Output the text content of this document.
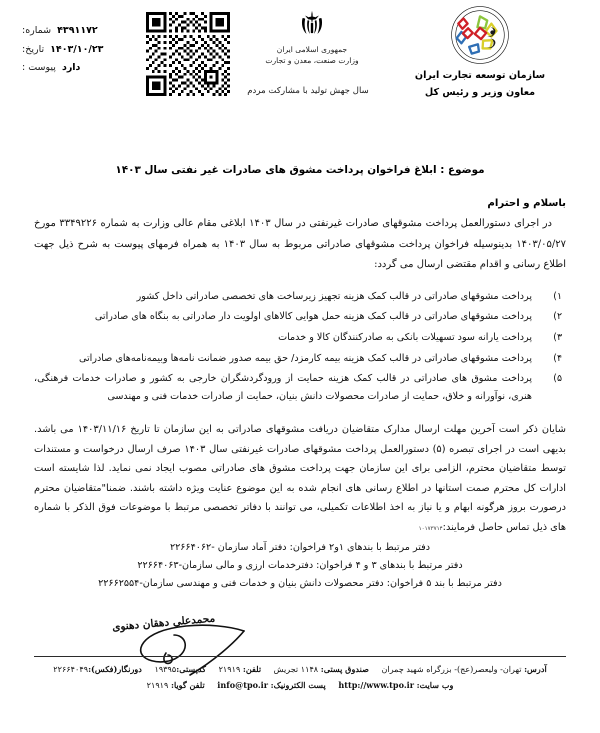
۴۳۹۱۱۷۲
شماره:
۱۴۰۳/۱۰/۲۳
تاریخ:
دارد
پیوست :
جمهوری اسلامی ایران
وزارت صنعت، معدن و تجارت
سازمان توسعه تجارت ایران
معاون وزیر و رئیس کل
سال جهش تولید با مشارکت مردم
موضوع : ابلاغ فراخوان پرداخت مشوق های صادرات غیر نفتی سال ۱۴۰۳
باسلام و احترام
در اجرای دستورالعمل پرداخت مشوقهای صادرات غیرنفتی در سال ۱۴۰۳ ابلاغی مقام عالی وزارت به شماره ۳۳۴۹۲۲۶ مورخ ۱۴۰۳/۰۵/۲۷ بدینوسیله فراخوان پرداخت مشوقهای صادراتی مربوط به سال ۱۴۰۳ به همراه فرمهای پیوست به شرح ذیل جهت اطلاع رسانی و اقدام مقتضی ارسال می گردد:
۱)
پرداخت مشوقهای صادراتی در قالب کمک هزینه تجهیز زیرساخت های تخصصی صادراتی داخل کشور
۲)
پرداخت مشوقهای صادراتی در قالب کمک هزینه حمل هوایی کالاهای اولویت دار صادراتی به بنگاه های صادراتی
۳)
پرداخت یارانه سود تسهیلات بانکی به صادرکنندگان کالا و خدمات
۴)
پرداخت مشوقهای صادراتی در قالب کمک هزینه بیمه کارمزد/ حق بیمه صدور ضمانت نامه‌ها وبیمه‌نامه‌های صادراتی
۵)
پرداخت مشوق های صادراتی در قالب کمک هزینه حمایت از ورودگردشگران خارجی به کشور و صادرات خدمات فرهنگی، هنری، نوآورانه و خلاق، حمایت از صادرات محصولات دانش بنیان، حمایت از صادرات خدمات فنی و مهندسی
شایان ذکر است آخرین مهلت ارسال مدارک متقاضیان دریافت مشوقهای صادراتی به این سازمان تا تاریخ ۱۴۰۳/۱۱/۱۶ می باشد. بدیهی است در اجرای تبصره (۵) دستورالعمل پرداخت مشوقهای صادرات غیرنفتی سال ۱۴۰۳ صرف ارسال درخواست و مستندات توسط متقاضیان محترم، الزامی برای این سازمان جهت پرداخت مشوق های صادراتی مصوب ایجاد نمی نماید. لذا شایسته است ادارات کل محترم صمت استانها در اطلاع رسانی های انجام شده به این موضوع عنایت ویژه داشته باشند. ضمنا"متقاضیان محترم درصورت بروز هرگونه ابهام و یا نیاز به اخذ اطلاعات تکمیلی، می توانند با دفاتر تخصصی مرتبط با موضوعات فوق الذکر با شماره های ذیل تماس حاصل فرمایند:۱۰۱۷۳۷۱۴
دفتر مرتبط با بندهای ۱و۲ فراخوان: دفتر آماد سازمان -۲۲۶۶۴۰۶۲
دفتر مرتبط با بندهای ۳ و ۴ فراخوان: دفترخدمات ارزی و مالی سازمان-۲۲۶۶۴۰۶۳
دفتر مرتبط با بند ۵ فراخوان: دفتر محصولات دانش بنیان و خدمات فنی و مهندسی سازمان-۲۲۶۶۲۵۵۴
محمدعلی دهقان دهنوی
آدرس: تهران- ولیعصر(عج)- بزرگراه شهید چمران صندوق پستی: ۱۱۴۸ تجریش تلفن: ۲۱۹۱۹ کدپستی:۱۹۳۹۵ دورنگار(فکس):۲۲۶۶۴۰۴۹
وب سایت: http://www.tpo.ir پست الکترونیک: info@tpo.ir تلفن گویا: ۲۱۹۱۹
